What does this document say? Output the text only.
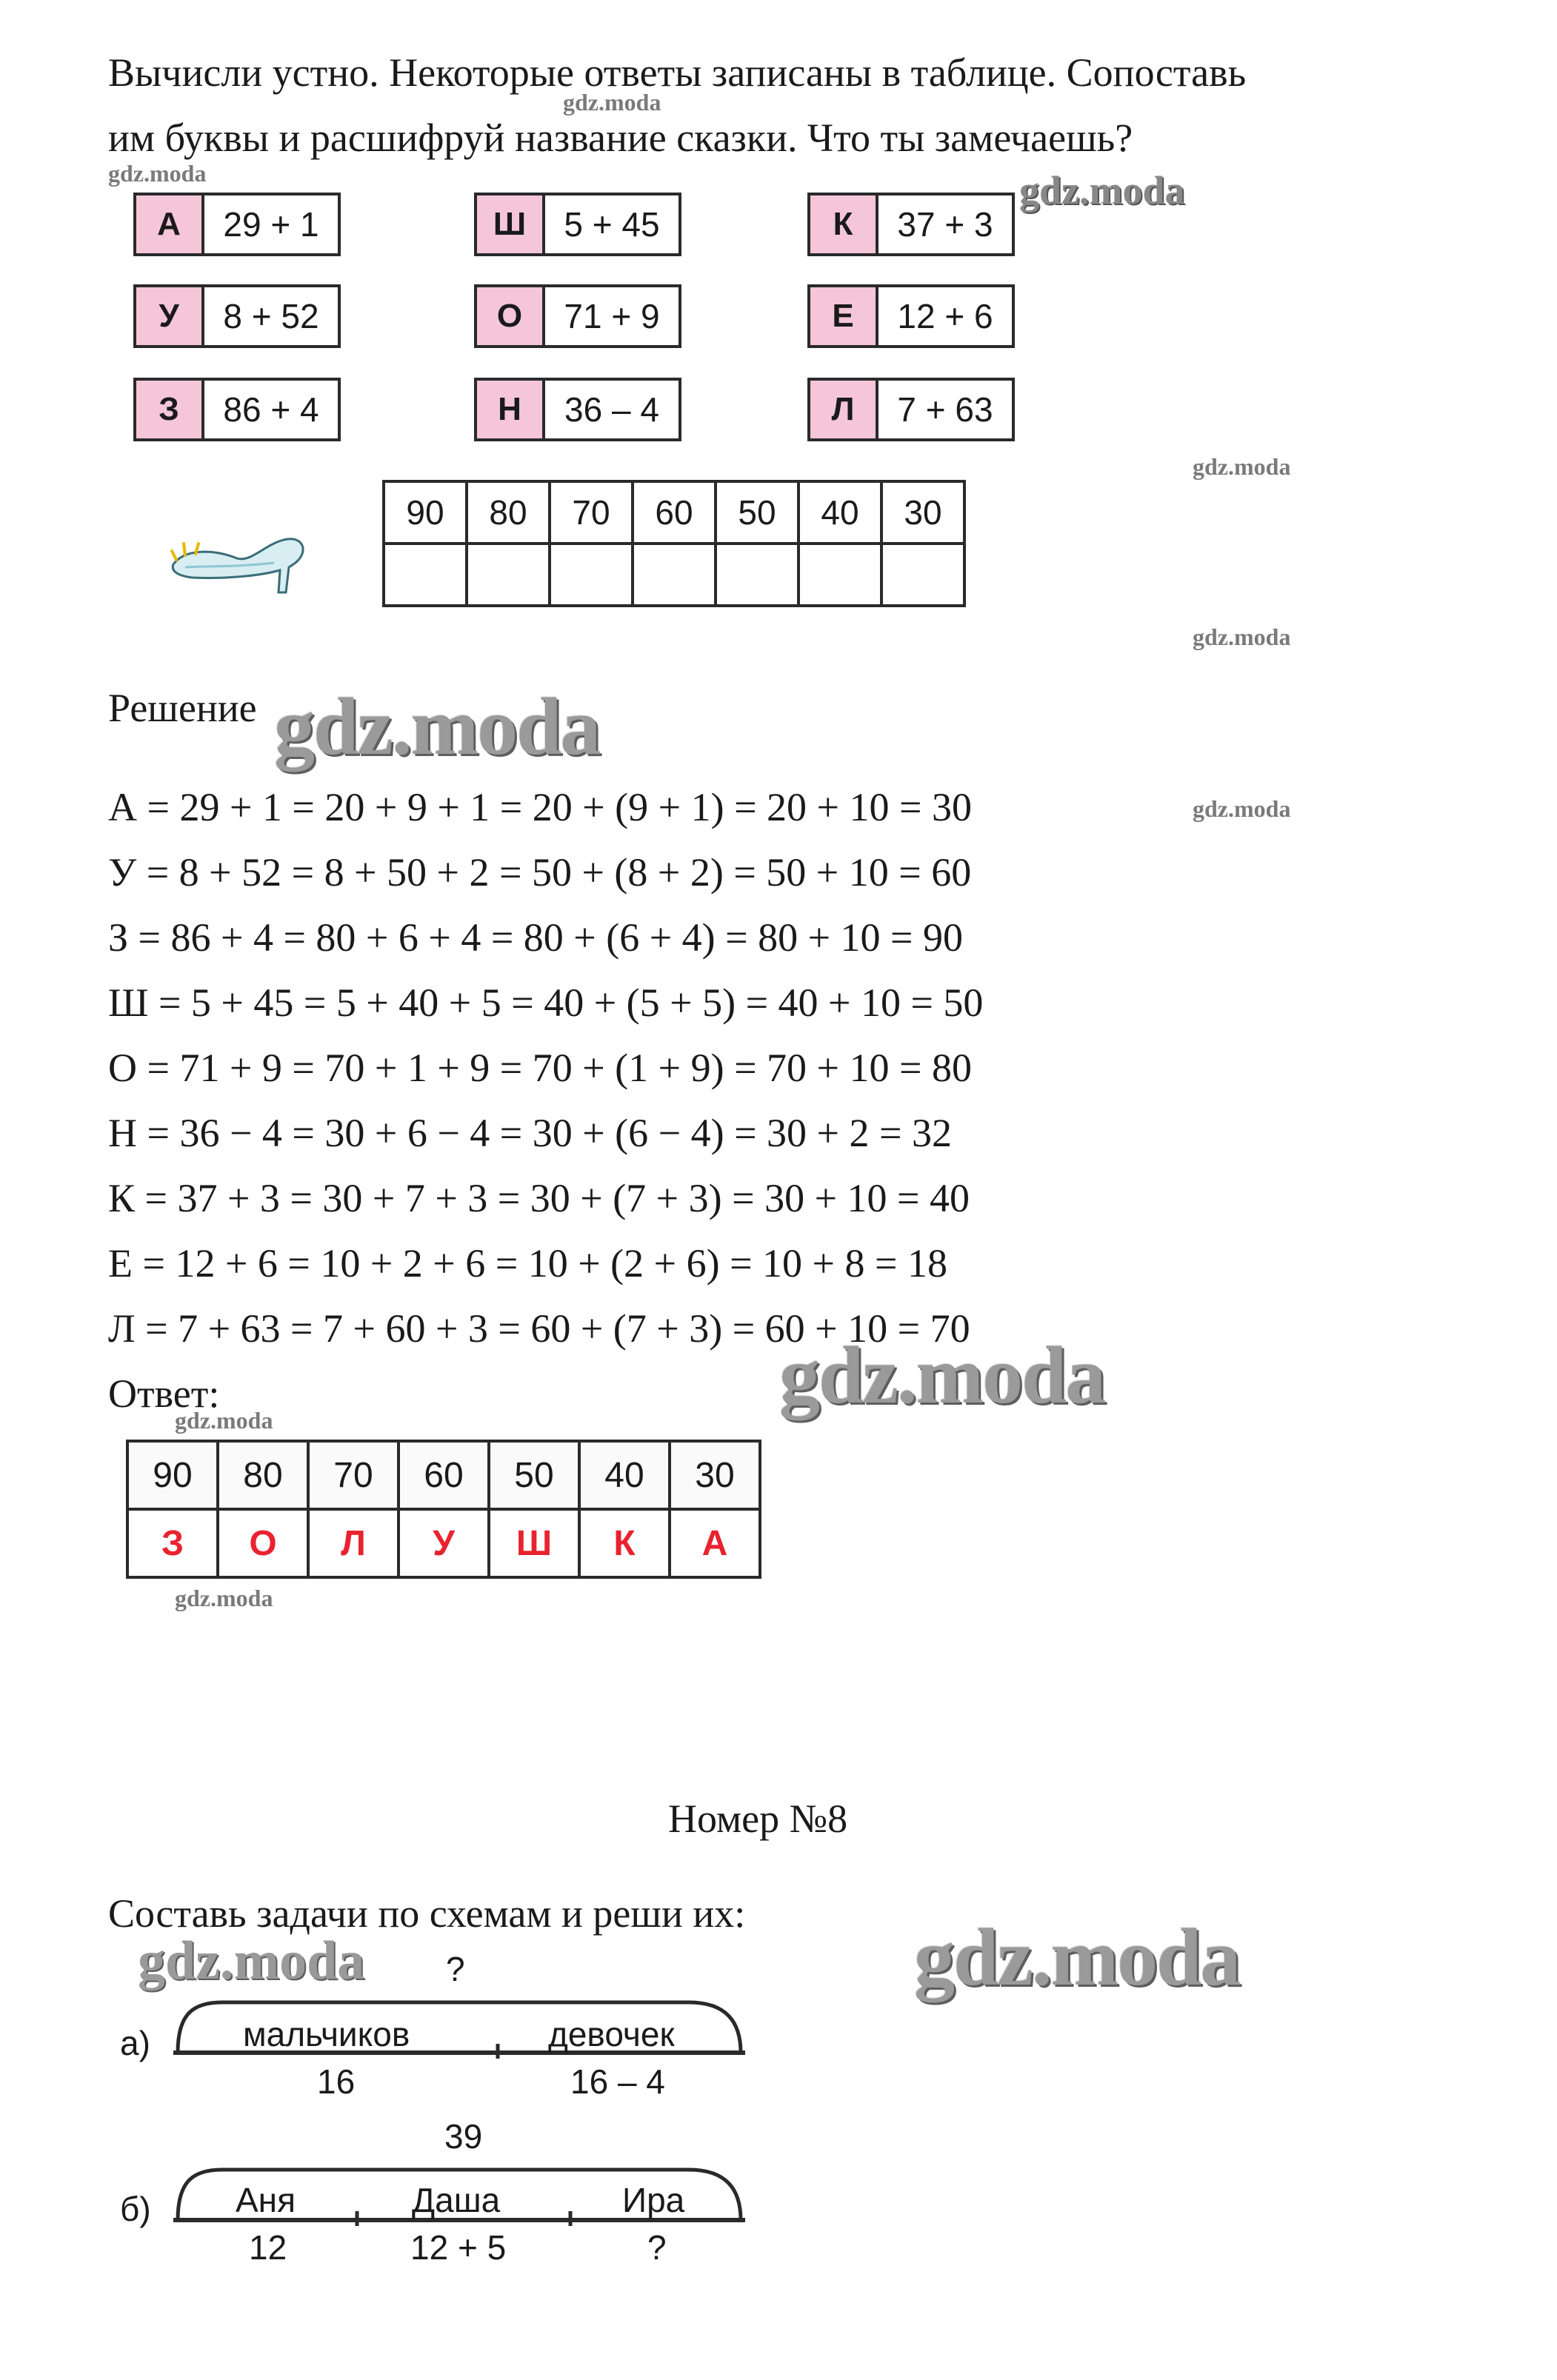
Вычисли устно. Некоторые ответы записаны в таблице. Сопоставь
им буквы и расшифруй название сказки. Что ты замечаешь?
А	29 + 1	Ш	5 + 45	К	37 + 3
У	8 + 52	О	71 + 9	Е	12 + 6
З	86 + 4	Н	36 – 4	Л	7 + 63
90	80	70	60	50	40	30

Решение
А = 29 + 1 = 20 + 9 + 1 = 20 + (9 + 1) = 20 + 10 = 30
У = 8 + 52 = 8 + 50 + 2 = 50 + (8 + 2) = 50 + 10 = 60
З = 86 + 4 = 80 + 6 + 4 = 80 + (6 + 4) = 80 + 10 = 90
Ш = 5 + 45 = 5 + 40 + 5 = 40 + (5 + 5) = 40 + 10 = 50
О = 71 + 9 = 70 + 1 + 9 = 70 + (1 + 9) = 70 + 10 = 80
Н = 36 − 4 = 30 + 6 − 4 = 30 + (6 − 4) = 30 + 2 = 32
К = 37 + 3 = 30 + 7 + 3 = 30 + (7 + 3) = 30 + 10 = 40
Е = 12 + 6 = 10 + 2 + 6 = 10 + (2 + 6) = 10 + 8 = 18
Л = 7 + 63 = 7 + 60 + 3 = 60 + (7 + 3) = 60 + 10 = 70
Ответ:
90	80	70	60	50	40	30
З	О	Л	У	Ш	К	А
Номер №8
Составь задачи по схемам и реши их:
а)
?
мальчиков	девочек
16	16 – 4
39
б) Аня	Даша	Ира
12	12 + 5	?
gdz.moda
gdz.moda	gdz.moda
gdz.moda
gdz.moda
gdz.moda
gdz.moda
gdz.moda
gdz.moda
gdz.moda
gdz.moda
gdz.moda
